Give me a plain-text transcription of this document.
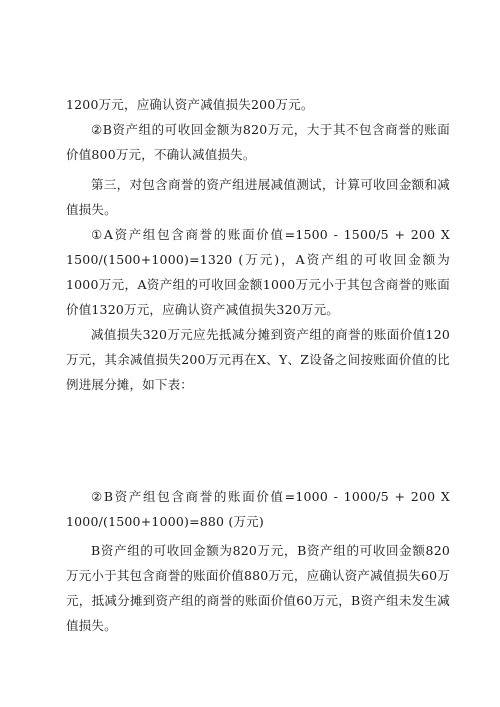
1200万元，应确认资产减值损失200万元。

②B资产组的可收回金额为820万元，大于其不包含商誉的账面价值800万元，不确认减值损失。

第三，对包含商誉的资产组进展减值测试，计算可收回金额和减值损失。

①A资产组包含商誉的账面价值=1500 - 1500/5 + 200 X 1500/(1500+1000)=1320 (万元)，A资产组的可收回金额为1000万元，A资产组的可收回金额1000万元小于其包含商誉的账面价值1320万元，应确认资产减值损失320万元。

减值损失320万元应先抵减分摊到资产组的商誉的账面价值120万元，其余减值损失200万元再在X、Y、Z设备之间按账面价值的比例进展分摊，如下表：

②B资产组包含商誉的账面价值=1000 - 1000/5 + 200 X 1000/(1500+1000)=880 (万元)

B资产组的可收回金额为820万元，B资产组的可收回金额820万元小于其包含商誉的账面价值880万元，应确认资产减值损失60万元，抵减分摊到资产组的商誉的账面价值60万元，B资产组未发生减值损失。
